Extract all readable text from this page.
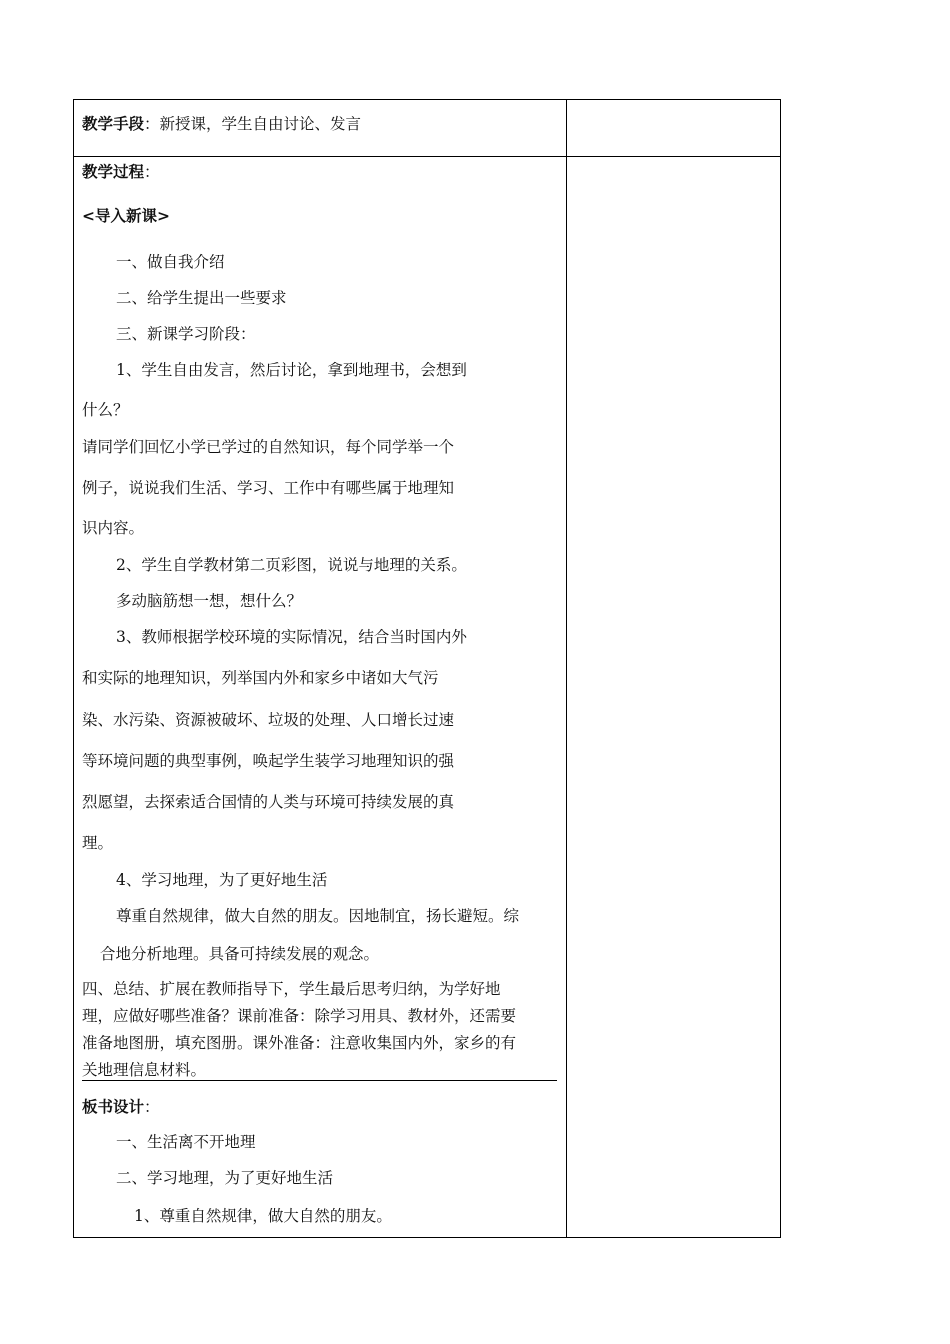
教学手段：新授课，学生自由讨论、发言
教学过程：
<导入新课>
一、做自我介绍
二、给学生提出一些要求
三、新课学习阶段：
1、学生自由发言，然后讨论，拿到地理书，会想到
什么？
请同学们回忆小学已学过的自然知识，每个同学举一个
例子，说说我们生活、学习、工作中有哪些属于地理知
识内容。
2、学生自学教材第二页彩图，说说与地理的关系。
多动脑筋想一想，想什么？
3、教师根据学校环境的实际情况，结合当时国内外
和实际的地理知识，列举国内外和家乡中诸如大气污
染、水污染、资源被破坏、垃圾的处理、人口增长过速
等环境问题的典型事例，唤起学生装学习地理知识的强
烈愿望，去探索适合国情的人类与环境可持续发展的真
理。
4、学习地理，为了更好地生活
尊重自然规律，做大自然的朋友。因地制宜，扬长避短。综
合地分析地理。具备可持续发展的观念。
四、总结、扩展在教师指导下，学生最后思考归纳，为学好地
理，应做好哪些准备？课前准备：除学习用具、教材外，还需要
准备地图册，填充图册。课外准备：注意收集国内外，家乡的有
关地理信息材料。
板书设计：
一、生活离不开地理
二、学习地理，为了更好地生活
1、尊重自然规律，做大自然的朋友。
